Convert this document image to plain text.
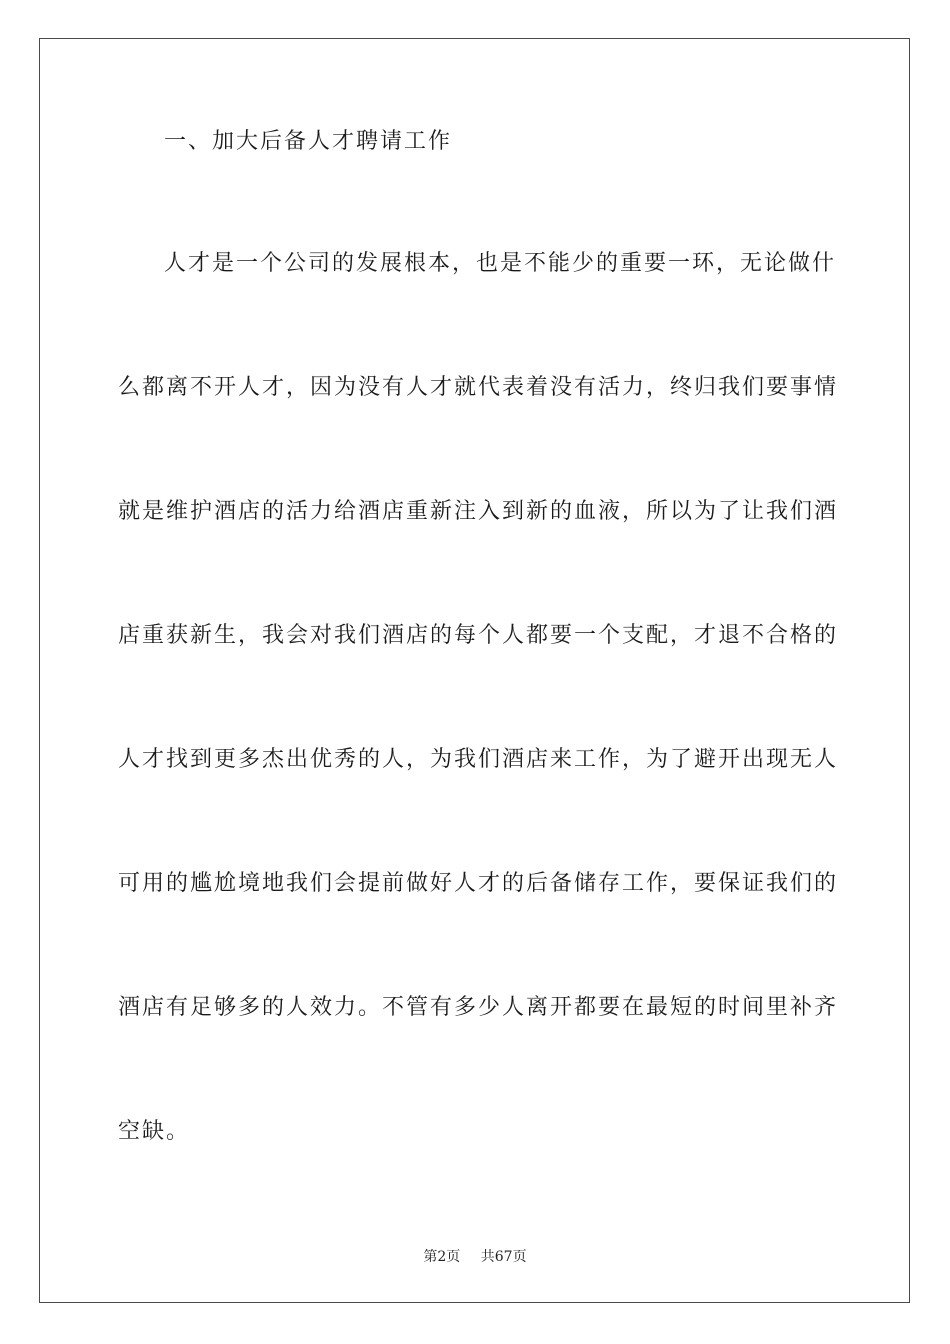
一、加大后备人才聘请工作
人才是一个公司的发展根本，也是不能少的重要一环，无论做什
么都离不开人才，因为没有人才就代表着没有活力，终归我们要事情
就是维护酒店的活力给酒店重新注入到新的血液，所以为了让我们酒
店重获新生，我会对我们酒店的每个人都要一个支配，才退不合格的
人才找到更多杰出优秀的人，为我们酒店来工作，为了避开出现无人
可用的尴尬境地我们会提前做好人才的后备储存工作，要保证我们的
酒店有足够多的人效力。不管有多少人离开都要在最短的时间里补齐
空缺。
第2页 共67页
